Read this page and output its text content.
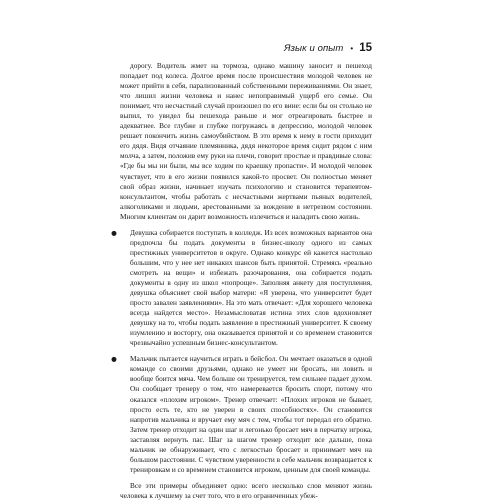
Язык и опыт • 15

дорогу. Водитель жмет на тормоза, однако машину заносит и пешеход попадает под колеса. Долгое время после происшествия молодой человек не может прийти в себя, парализованный собственными переживаниями. Он знает, что лишил жизни человека и нанес непоправимый ущерб его семье. Он понимает, что несчастный случай произошел по его вине: если бы он столько не выпил, то увидел бы пешехода раньше и мог отреагировать быстрее и адекватнее. Все глубже и глубже погружаясь в депрессию, молодой человек решает покончить жизнь самоубийством. В это время к нему в гости приходит его дядя. Видя отчаяние племянника, дядя некоторое время сидит рядом с ним молча, а затем, положив ему руки на плечи, говорит простые и правдивые слова: «Где бы мы ни были, мы все ходим по краешку пропасти». И молодой человек чувствует, что в его жизни появился какой-то просвет. Он полностью меняет свой образ жизни, начинает изучать психологию и становится терапевтом-консультантом, чтобы работать с несчастными жертвами пьяных водителей, алкоголиками и людьми, арестованными за вождение в нетрезвом состоянии. Многим клиентам он дарит возможность излечиться и наладить свою жизнь.

● Девушка собирается поступать в колледж. Из всех возможных вариантов она предпочла бы подать документы в бизнес-школу одного из самых престижных университетов в округе. Однако конкурс ей кажется настолько большим, что у нее нет никаких шансов быть принятой. Стремясь «реально смотреть на вещи» и избежать разочарования, она собирается подать документы в одну из школ «попроще». Заполняя анкету для поступления, девушка объясняет свой выбор матери: «Я уверена, что университет будет просто завален заявлениями». На это мать отвечает: «Для хорошего человека всегда найдется место». Незамысловатая истина этих слов вдохновляет девушку на то, чтобы подать заявление в престижный университет. К своему изумлению и восторгу, она оказывается принятой и со временем становится чрезвычайно успешным бизнес-консультантом.

● Мальчик пытается научиться играть в бейсбол. Он мечтает оказаться в одной команде со своими друзьями, однако не умеет ни бросать, ни ловить и вообще боится мяча. Чем больше он тренируется, тем сильнее падает духом. Он сообщает тренеру о том, что намеревается бросить спорт, потому что оказался «плохим игроком». Тренер отвечает: «Плохих игроков не бывает, просто есть те, кто не уверен в своих способностях». Он становится напротив мальчика и вручает ему мяч с тем, чтобы тот передал его обратно. Затем тренер отходит на один шаг и легонько бросает мяч в перчатку игрока, заставляя вернуть пас. Шаг за шагом тренер отходит все дальше, пока мальчик не обнаруживает, что с легкостью бросает и принимает мяч на большом расстоянии. С чувством уверенности в себе мальчик возвращается к тренировкам и со временем становится игроком, ценным для своей команды.

Все эти примеры объединяет одно: всего несколько слов меняют жизнь человека к лучшему за счет того, что в его ограниченных убеж-
